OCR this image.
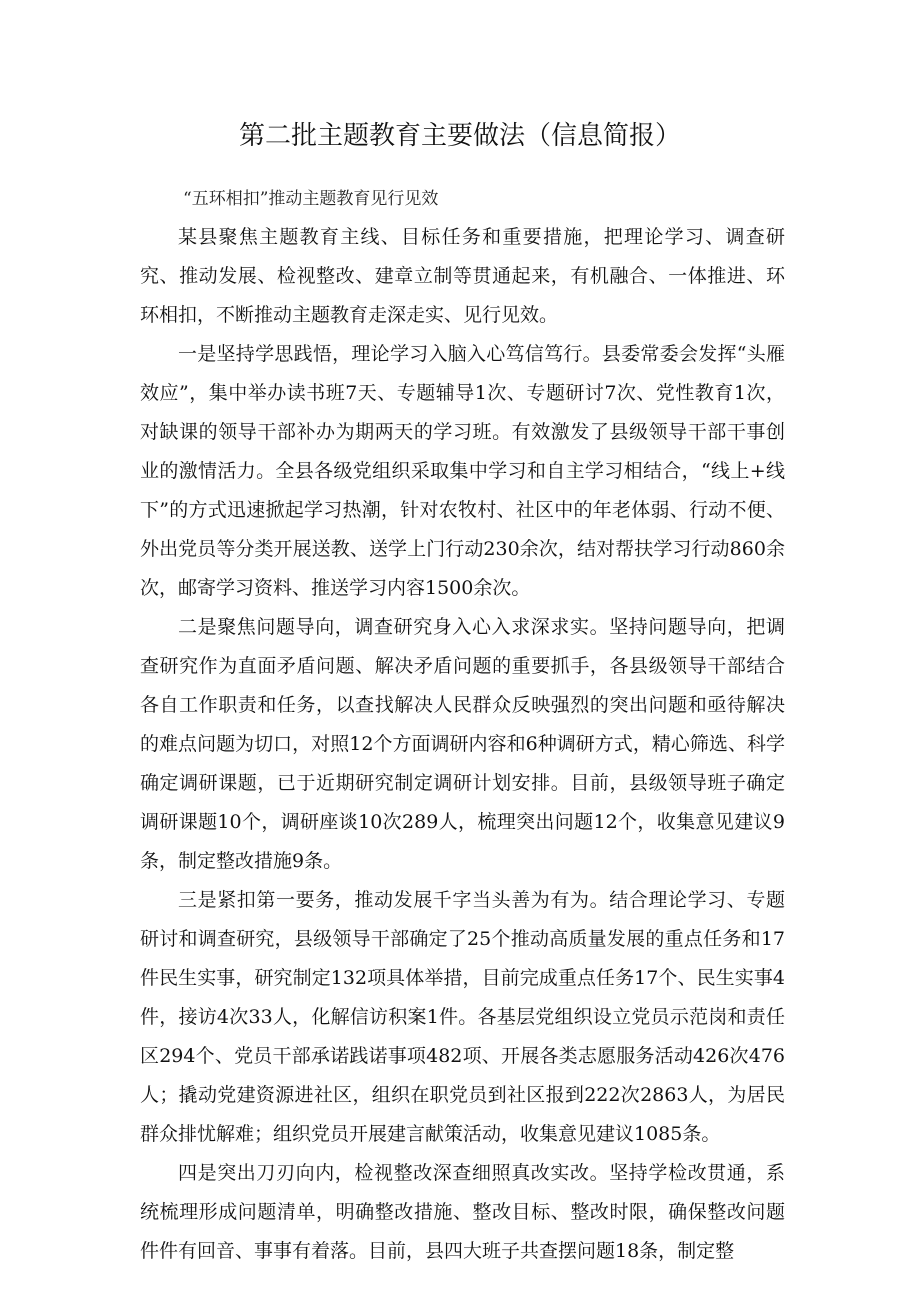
第二批主题教育主要做法（信息简报）

“五环相扣”推动主题教育见行见效

某县聚焦主题教育主线、目标任务和重要措施，把理论学习、调查研究、推动发展、检视整改、建章立制等贯通起来，有机融合、一体推进、环环相扣，不断推动主题教育走深走实、见行见效。

一是坚持学思践悟，理论学习入脑入心笃信笃行。县委常委会发挥“头雁效应”，集中举办读书班7天、专题辅导1次、专题研讨7次、党性教育1次，对缺课的领导干部补办为期两天的学习班。有效激发了县级领导干部干事创业的激情活力。全县各级党组织采取集中学习和自主学习相结合，“线上+线下”的方式迅速掀起学习热潮，针对农牧村、社区中的年老体弱、行动不便、外出党员等分类开展送教、送学上门行动230余次，结对帮扶学习行动860余次，邮寄学习资料、推送学习内容1500余次。

二是聚焦问题导向，调查研究身入心入求深求实。坚持问题导向，把调查研究作为直面矛盾问题、解决矛盾问题的重要抓手，各县级领导干部结合各自工作职责和任务，以查找解决人民群众反映强烈的突出问题和亟待解决的难点问题为切口，对照12个方面调研内容和6种调研方式，精心筛选、科学确定调研课题，已于近期研究制定调研计划安排。目前，县级领导班子确定调研课题10个，调研座谈10次289人，梳理突出问题12个，收集意见建议9条，制定整改措施9条。

三是紧扣第一要务，推动发展千字当头善为有为。结合理论学习、专题研讨和调查研究，县级领导干部确定了25个推动高质量发展的重点任务和17件民生实事，研究制定132项具体举措，目前完成重点任务17个、民生实事4件，接访4次33人，化解信访积案1件。各基层党组织设立党员示范岗和责任区294个、党员干部承诺践诺事项482项、开展各类志愿服务活动426次476人；撬动党建资源进社区，组织在职党员到社区报到222次2863人，为居民群众排忧解难；组织党员开展建言献策活动，收集意见建议1085条。

四是突出刀刃向内，检视整改深查细照真改实改。坚持学检改贯通，系统梳理形成问题清单，明确整改措施、整改目标、整改时限，确保整改问题件件有回音、事事有着落。目前，县四大班子共查摆问题18条，制定整
